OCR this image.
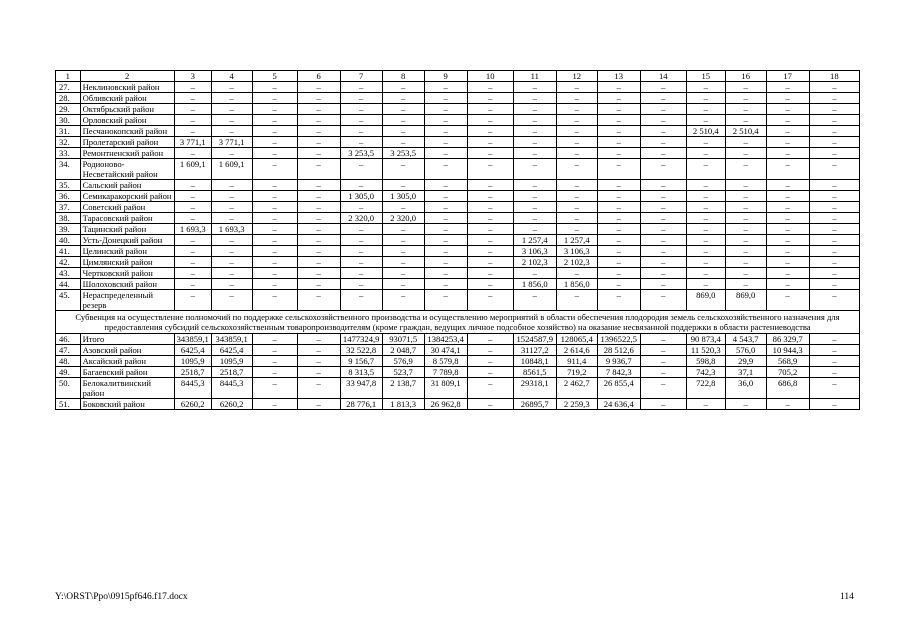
1	2	3	4	5	6	7	8	9	10	11	12	13	14	15	16	17	18
27.	Неклиновский район	–	–	–	–	–	–	–	–	–	–	–	–	–	–	–	–
28.	Обливский район	–	–	–	–	–	–	–	–	–	–	–	–	–	–	–	–
29.	Октябрьский район	–	–	–	–	–	–	–	–	–	–	–	–	–	–	–	–
30.	Орловский район	–	–	–	–	–	–	–	–	–	–	–	–	–	–	–	–
31.	Песчанокопский район	–	–	–	–	–	–	–	–	–	–	–	–	2 510,4	2 510,4	–	–
32.	Пролетарский район	3 771,1	3 771,1	–	–	–	–	–	–	–	–	–	–	–	–	–	–
33.	Ремонтненский район	–	–	–	–	3 253,5	3 253,5	–	–	–	–	–	–	–	–	–	–
34.	Родионово-Несветайский район	1 609,1	1 609,1	–	–	–	–	–	–	–	–	–	–	–	–	–	–
35.	Сальский район	–	–	–	–	–	–	–	–	–	–	–	–	–	–	–	–
36.	Семикаракорский район	–	–	–	–	1 305,0	1 305,0	–	–	–	–	–	–	–	–	–	–
37.	Советский район	–	–	–	–	–	–	–	–	–	–	–	–	–	–	–	–
38.	Тарасовский район	–	–	–	–	2 320,0	2 320,0	–	–	–	–	–	–	–	–	–	–
39.	Тацинский район	1 693,3	1 693,3	–	–	–	–	–	–	–	–	–	–	–	–	–	–
40.	Усть-Донецкий район	–	–	–	–	–	–	–	–	1 257,4	1 257,4	–	–	–	–	–	–
41.	Целинский район	–	–	–	–	–	–	–	–	3 106,3	3 106,3	–	–	–	–	–	–
42.	Цимлянский район	–	–	–	–	–	–	–	–	2 102,3	2 102,3	–	–	–	–	–	–
43.	Чертковский район	–	–	–	–	–	–	–	–	–	–	–	–	–	–	–	–
44.	Шолоховский район	–	–	–	–	–	–	–	–	1 856,0	1 856,0	–	–	–	–	–	–
45.	Нераспределенный резерв	–	–	–	–	–	–	–	–	–	–	–	–	869,0	869,0	–	–
Субвенция на осуществление полномочий по поддержке сельскохозяйственного производства и осуществлению мероприятий в области обеспечения плодородия земель сельскохозяйственного назначения для предоставления субсидий сельскохозяйственным товаропроизводителям (кроме граждан, ведущих личное подсобное хозяйство) на оказание несвязанной поддержки в области растениеводства																	
46.	Итого	343859,1	343859,1	–	–	1477324,9	93071,5	1384253,4	–	1524587,9	128065,4	1396522,5	–	90 873,4	4 543,7	86 329,7	–
47.	Азовский район	6425,4	6425,4	–	–	32 522,8	2 048,7	30 474,1	–	31127,2	2 614,6	28 512,6	–	11 520,3	576,0	10 944,3	–
48.	Аксайский район	1095,9	1095,9	–	–	9 156,7	576,9	8 579,8	–	10848,1	911,4	9 936,7	–	598,8	29,9	568,9	–
49.	Багаевский район	2518,7	2518,7	–	–	8 313,5	523,7	7 789,8	–	8561,5	719,2	7 842,3	–	742,3	37,1	705,2	–
50.	Белокалитвинский район	8445,3	8445,3	–	–	33 947,8	2 138,7	31 809,1	–	29318,1	2 462,7	26 855,4	–	722,8	36,0	686,8	–
51.	Боковский район	6260,2	6260,2	–	–	28 776,1	1 813,3	26 962,8	–	26895,7	2 259,3	24 636,4	–	–	–	–	–
Y:\ORST\Ppo\0915pf646.f17.docx	114
